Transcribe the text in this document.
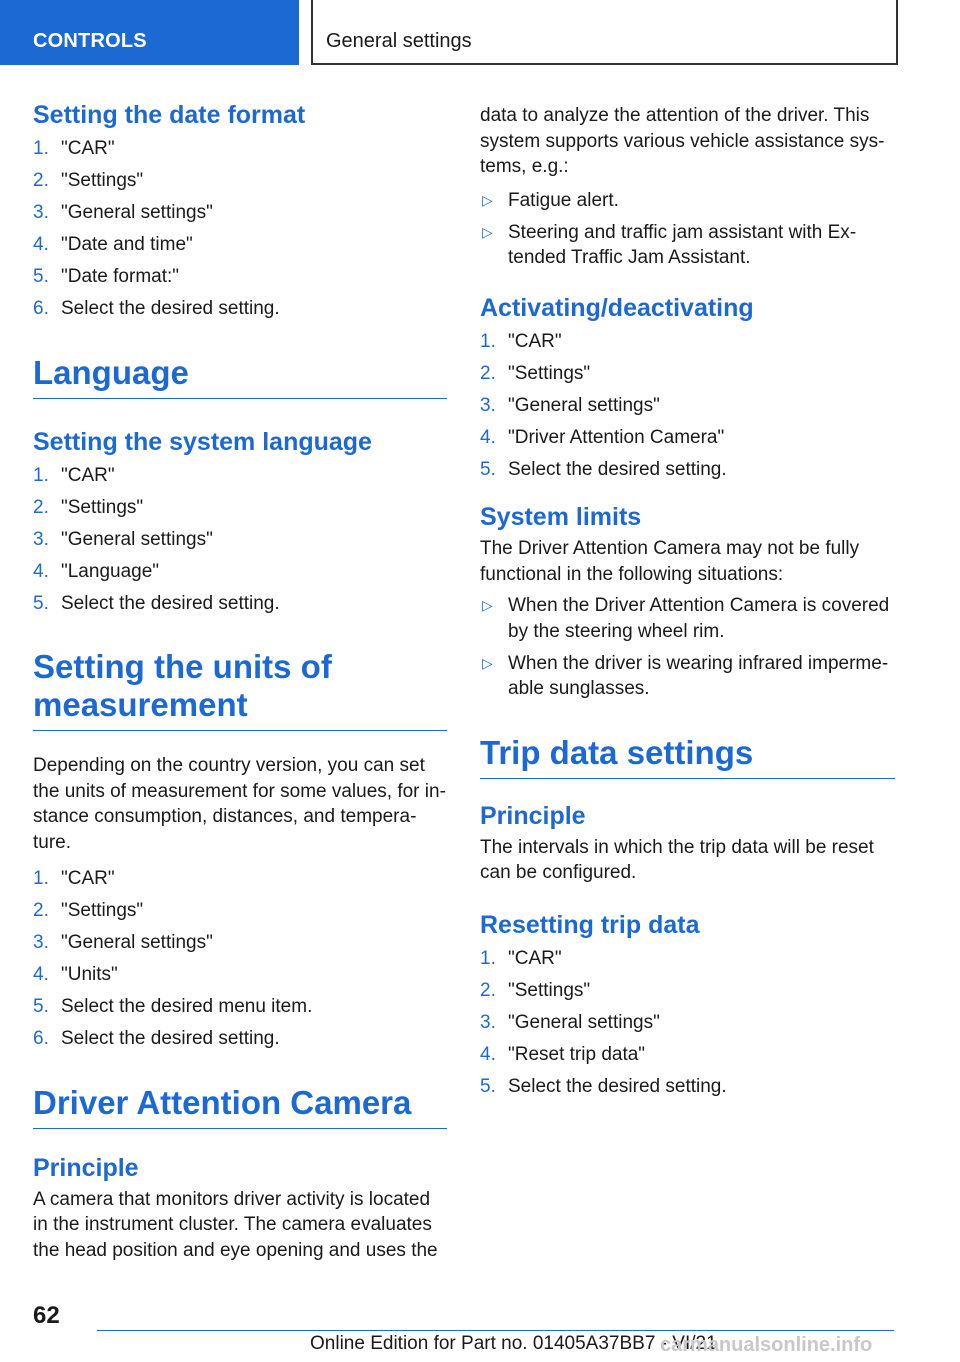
CONTROLS	General settings
Setting the date format
1. "CAR"
2. "Settings"
3. "General settings"
4. "Date and time"
5. "Date format:"
6. Select the desired setting.
Language
Setting the system language
1. "CAR"
2. "Settings"
3. "General settings"
4. "Language"
5. Select the desired setting.
Setting the units of
measurement

Depending on the country version, you can set the units of measurement for some values, for instance consumption, distances, and temperature.

1. "CAR"
2. "Settings"
3. "General settings"
4. "Units"
5. Select the desired menu item.
6. Select the desired setting.
Driver Attention Camera
Principle

A camera that monitors driver activity is located in the instrument cluster. The camera evaluates the head position and eye opening and uses the

data to analyze the attention of the driver. This system supports various vehicle assistance systems, e.g.:

▷ Fatigue alert.
▷ Steering and traffic jam assistant with Extended Traffic Jam Assistant.
Activating/deactivating
1. "CAR"
2. "Settings"
3. "General settings"
4. "Driver Attention Camera"
5. Select the desired setting.
System limits

The Driver Attention Camera may not be fully functional in the following situations:

▷ When the Driver Attention Camera is covered by the steering wheel rim.
▷ When the driver is wearing infrared impermeable sunglasses.
Trip data settings
Principle

The intervals in which the trip data will be reset can be configured.

Resetting trip data
1. "CAR"
2. "Settings"
3. "General settings"
4. "Reset trip data"
5. Select the desired setting.
62
Online Edition for Part no. 01405A37BB7 - VI/21
carmanualsonline.info
